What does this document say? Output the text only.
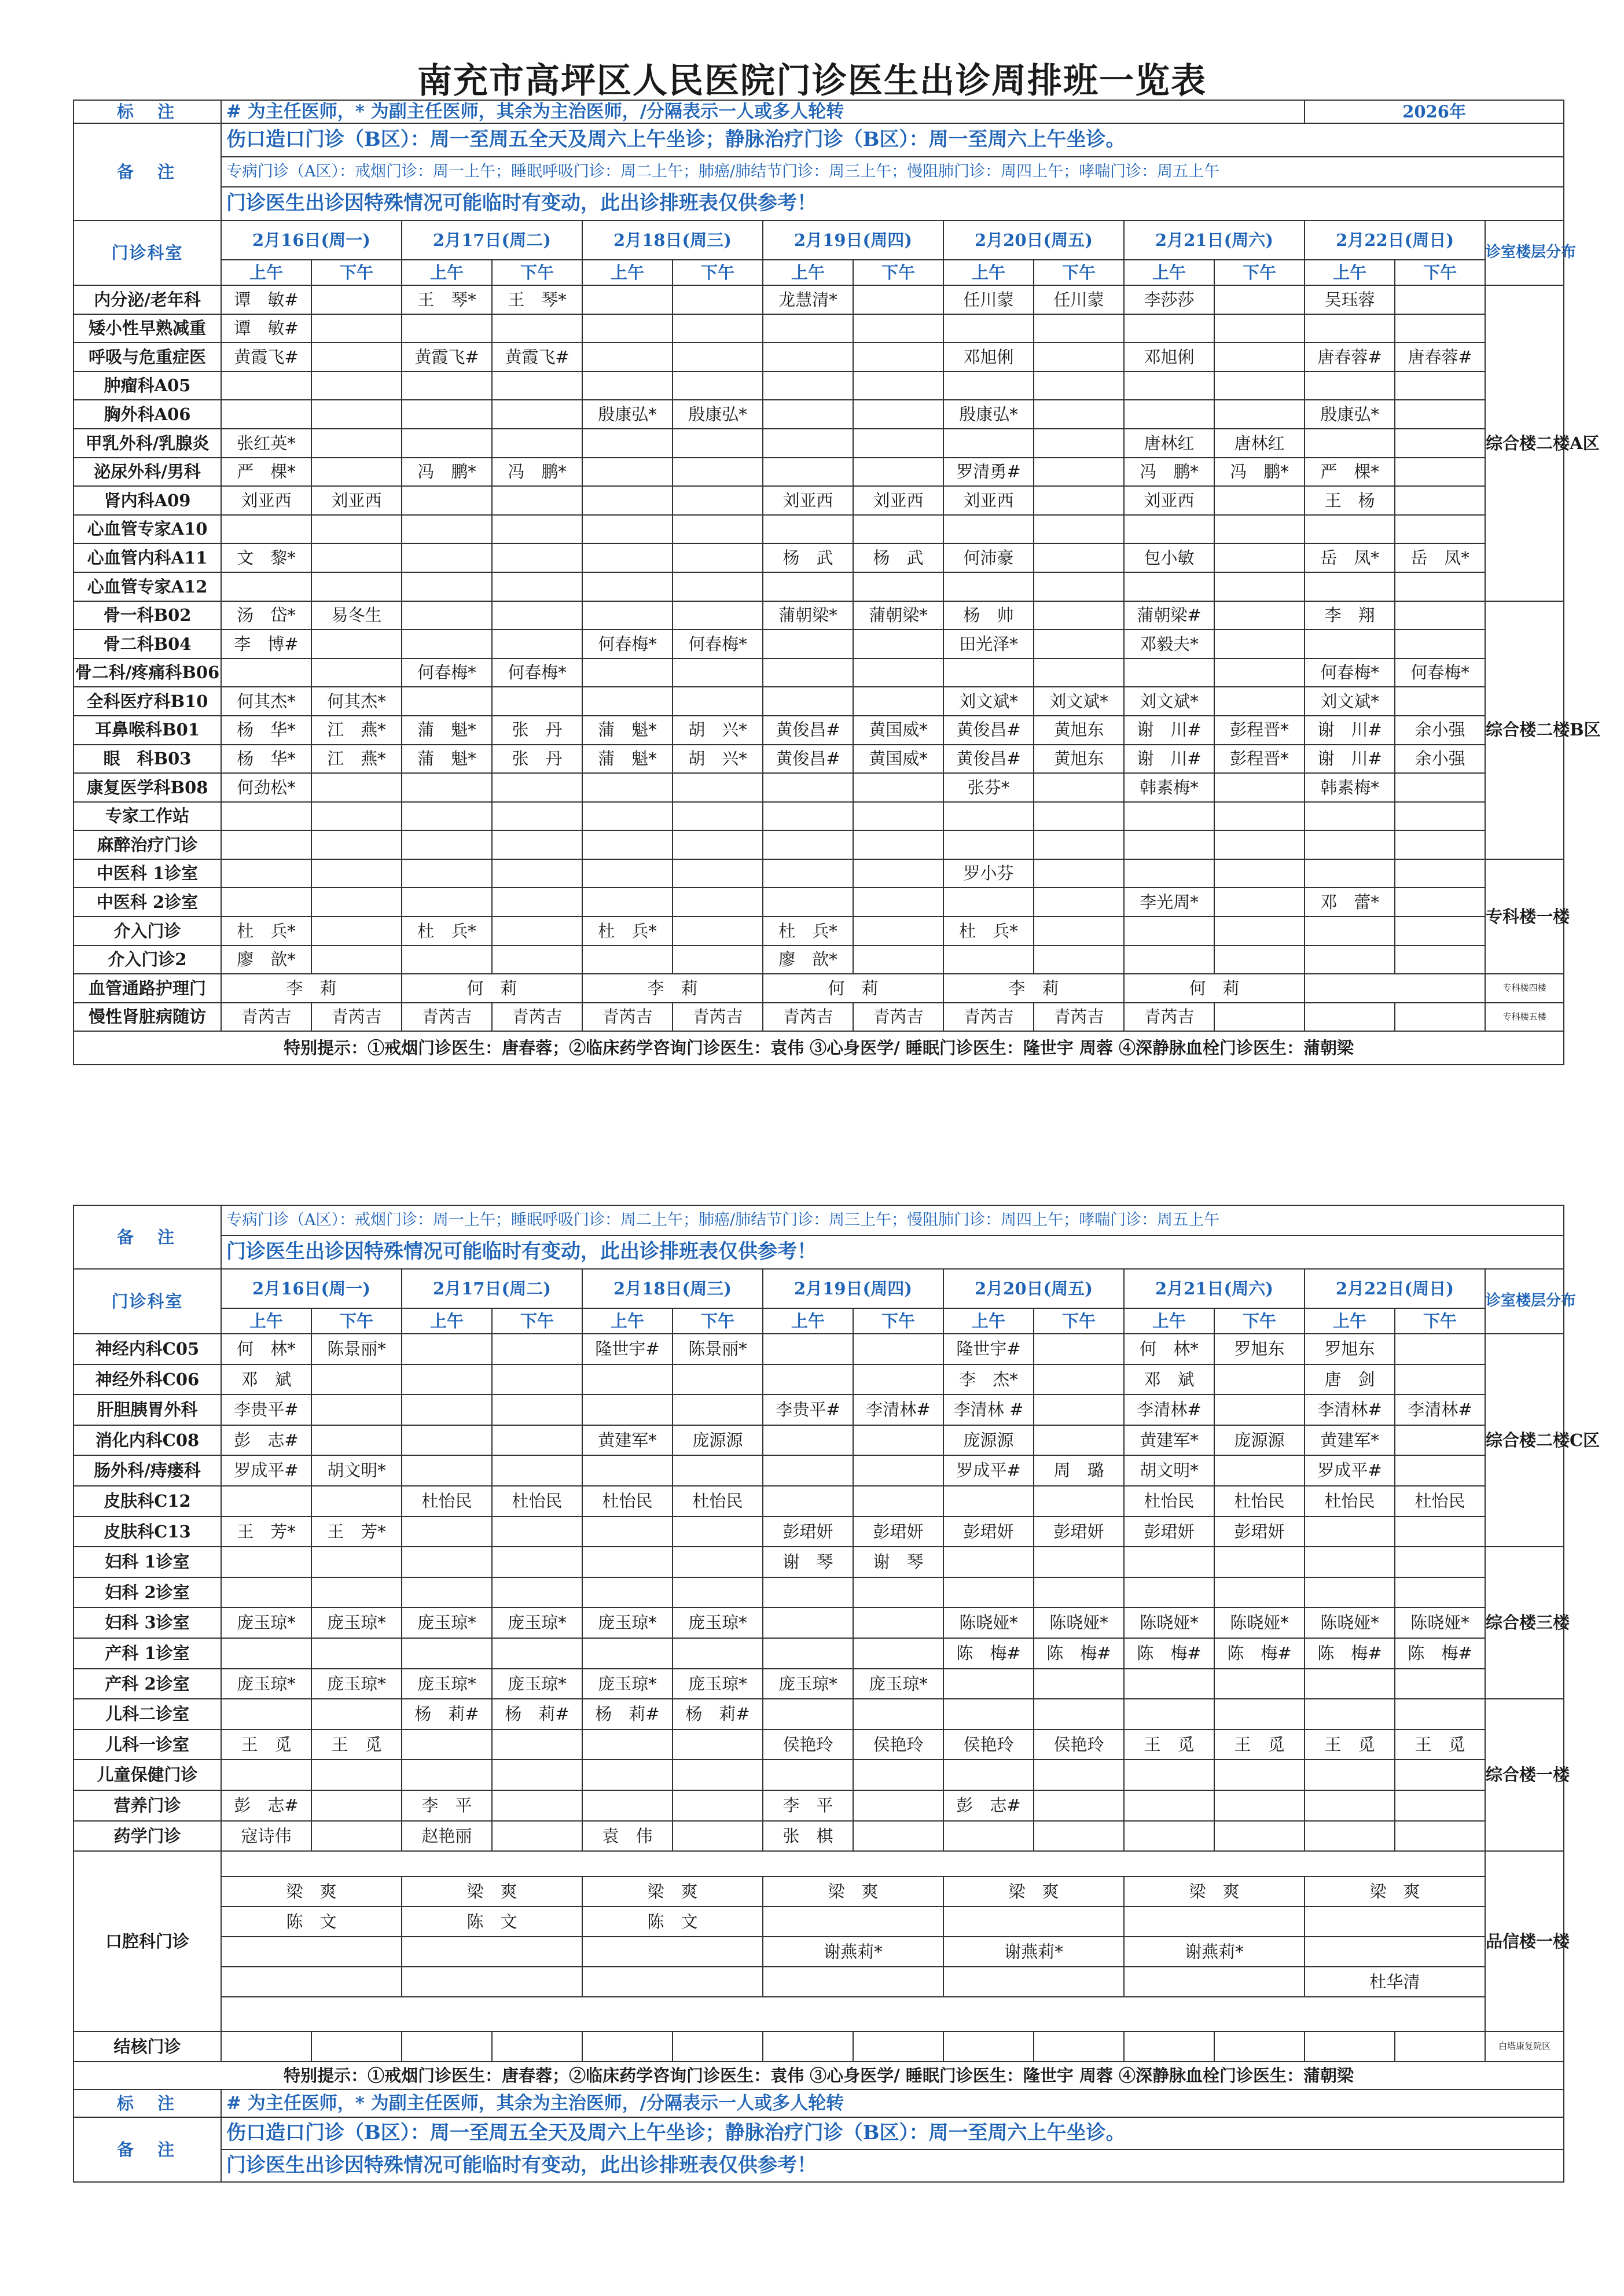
南充市高坪区人民医院门诊医生出诊周排班一览表
标　注	# 为主任医师，* 为副主任医师，其余为主治医师，/分隔表示一人或多人轮转												2026年		
备　注	伤口造口门诊（B区）：周一至周五全天及周六上午坐诊；静脉治疗门诊（B区）：周一至周六上午坐诊。														
	专病门诊（A区）：戒烟门诊：周一上午；睡眠呼吸门诊：周二上午；肺癌/肺结节门诊：周三上午；慢阻肺门诊：周四上午；哮喘门诊：周五上午														
	门诊医生出诊因特殊情况可能临时有变动，此出诊排班表仅供参考！														
门诊科室	2月16日(周一)		2月17日(周二)		2月18日(周三)		2月19日(周四)		2月20日(周五)		2月21日(周六)		2月22日(周日)		诊室楼层分布
	上午	下午	上午	下午	上午	下午	上午	下午	上午	下午	上午	下午	上午	下午	
内分泌/老年科	谭　敏#		王　琴*	王　琴*			龙慧清*		任川蒙	任川蒙	李莎莎		吴珏蓉		综合楼二楼A区
矮小性早熟减重	谭　敏#														
呼吸与危重症医	黄霞飞#		黄霞飞#	黄霞飞#					邓旭俐		邓旭俐		唐春蓉#	唐春蓉#	
肿瘤科A05															
胸外科A06					殷康弘*	殷康弘*			殷康弘*				殷康弘*		
甲乳外科/乳腺炎	张红英*										唐林红	唐林红			
泌尿外科/男科	严　棵*		冯　鹏*	冯　鹏*					罗清勇#		冯　鹏*	冯　鹏*	严　棵*		
肾内科A09	刘亚西	刘亚西					刘亚西	刘亚西	刘亚西		刘亚西		王　杨		
心血管专家A10															
心血管内科A11	文　黎*						杨　武	杨　武	何沛豪		包小敏		岳　凤*	岳　凤*	
心血管专家A12															
骨一科B02	汤　岱*	易冬生					蒲朝梁*	蒲朝梁*	杨　帅		蒲朝梁#		李　翔		综合楼二楼B区
骨二科B04	李　博#				何春梅*	何春梅*			田光泽*		邓毅夫*				
骨二科/疼痛科B06			何春梅*	何春梅*									何春梅*	何春梅*	
全科医疗科B10	何其杰*	何其杰*							刘文斌*	刘文斌*	刘文斌*		刘文斌*		
耳鼻喉科B01	杨　华*	江　燕*	蒲　魁*	张　丹	蒲　魁*	胡　兴*	黄俊昌#	黄国威*	黄俊昌#	黄旭东	谢　川#	彭程晋*	谢　川#	余小强	
眼　科B03	杨　华*	江　燕*	蒲　魁*	张　丹	蒲　魁*	胡　兴*	黄俊昌#	黄国威*	黄俊昌#	黄旭东	谢　川#	彭程晋*	谢　川#	余小强	
康复医学科B08	何劲松*								张芬*		韩素梅*		韩素梅*		
专家工作站															
麻醉治疗门诊															
中医科 1诊室									罗小芬						专科楼一楼
中医科 2诊室											李光周*		邓　蕾*		
介入门诊	杜　兵*		杜　兵*		杜　兵*		杜　兵*		杜　兵*						
介入门诊2	廖　歆*						廖　歆*								
血管通路护理门	李　莉		何　莉		李　莉		何　莉		李　莉		何　莉				专科楼四楼
慢性肾脏病随访	青芮吉	青芮吉	青芮吉	青芮吉	青芮吉	青芮吉	青芮吉	青芮吉	青芮吉	青芮吉	青芮吉				专科楼五楼
特别提示：①戒烟门诊医生：唐春蓉；②临床药学咨询门诊医生：袁伟 ③心身医学/ 睡眠门诊医生：隆世宇 周蓉 ④深静脉血栓门诊医生：蒲朝梁															
备　注	专病门诊（A区）：戒烟门诊：周一上午；睡眠呼吸门诊：周二上午；肺癌/肺结节门诊：周三上午；慢阻肺门诊：周四上午；哮喘门诊：周五上午														
	门诊医生出诊因特殊情况可能临时有变动，此出诊排班表仅供参考！														
门诊科室	2月16日(周一)		2月17日(周二)		2月18日(周三)		2月19日(周四)		2月20日(周五)		2月21日(周六)		2月22日(周日)		诊室楼层分布
	上午	下午	上午	下午	上午	下午	上午	下午	上午	下午	上午	下午	上午	下午	
神经内科C05	何　林*	陈景丽*			隆世宇#	陈景丽*			隆世宇#		何　林*	罗旭东	罗旭东		综合楼二楼C区
神经外科C06	邓　斌								李　杰*		邓　斌		唐　剑		
肝胆胰胃外科	李贵平#						李贵平#	李清林#	李清林 #		李清林#		李清林#	李清林#	
消化内科C08	彭　志#				黄建军*	庞源源			庞源源		黄建军*	庞源源	黄建军*		
肠外科/痔瘘科	罗成平#	胡文明*							罗成平#	周　璐	胡文明*		罗成平#		
皮肤科C12			杜怡民	杜怡民	杜怡民	杜怡民					杜怡民	杜怡民	杜怡民	杜怡民	
皮肤科C13	王　芳*	王　芳*					彭珺妍	彭珺妍	彭珺妍	彭珺妍	彭珺妍	彭珺妍			
妇科 1诊室							谢　琴	谢　琴							综合楼三楼
妇科 2诊室															
妇科 3诊室	庞玉琼*	庞玉琼*	庞玉琼*	庞玉琼*	庞玉琼*	庞玉琼*			陈晓娅*	陈晓娅*	陈晓娅*	陈晓娅*	陈晓娅*	陈晓娅*	
产科 1诊室									陈　梅#	陈　梅#	陈　梅#	陈　梅#	陈　梅#	陈　梅#	
产科 2诊室	庞玉琼*	庞玉琼*	庞玉琼*	庞玉琼*	庞玉琼*	庞玉琼*	庞玉琼*	庞玉琼*							
儿科二诊室			杨　莉#	杨　莉#	杨　莉#	杨　莉#									综合楼一楼
儿科一诊室	王　觅	王　觅					侯艳玲	侯艳玲	侯艳玲	侯艳玲	王　觅	王　觅	王　觅	王　觅	
儿童保健门诊															
营养门诊	彭　志#		李　平				李　平		彭　志#						
药学门诊	寇诗伟		赵艳丽		袁　伟		张　棋								
口腔科门诊															品信楼一楼
	梁　爽		梁　爽		梁　爽		梁　爽		梁　爽		梁　爽		梁　爽		
	陈　文		陈　文		陈　文										
							谢燕莉*		谢燕莉*		谢燕莉*				
													杜华清		

结核门诊															白塔康复院区
特别提示：①戒烟门诊医生：唐春蓉；②临床药学咨询门诊医生：袁伟 ③心身医学/ 睡眠门诊医生：隆世宇 周蓉 ④深静脉血栓门诊医生：蒲朝梁															
标　注	# 为主任医师，* 为副主任医师，其余为主治医师，/分隔表示一人或多人轮转														
备　注	伤口造口门诊（B区）：周一至周五全天及周六上午坐诊；静脉治疗门诊（B区）：周一至周六上午坐诊。														
	门诊医生出诊因特殊情况可能临时有变动，此出诊排班表仅供参考！														
